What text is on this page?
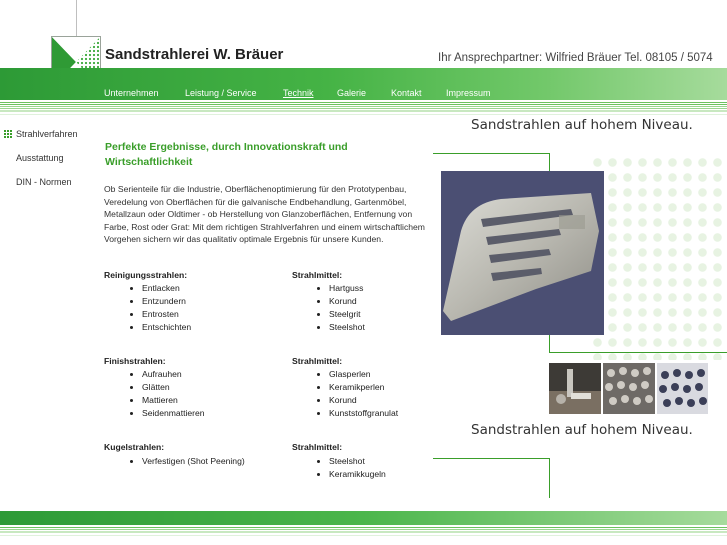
Sandstrahlerei W. Bräuer	Ihr Ansprechpartner: Wilfried Bräuer Tel. 08105 / 5074
Unternehmen	Leistung / Service	Technik	Galerie	Kontakt	Impressum
Strahlverfahren
Ausstattung
DIN - Normen
Perfekte Ergebnisse, durch Innovationskraft und Wirtschaftlichkeit
Ob Serienteile für die Industrie, Oberflächenoptimierung für den Prototypenbau, Veredelung von Oberflächen für die galvanische Endbehandlung, Gartenmöbel, Metallzaun oder Oldtimer - ob Herstellung von Glanzoberflächen, Entfernung von Farbe, Rost oder Grat: Mit dem richtigen Strahlverfahren und einem wirtschaftlichem Vorgehen sichern wir das qualitativ optimale Ergebnis für unsere Kunden.
Reinigungsstrahlen:
Entlacken
Entzundern
Entrosten
Entschichten
Strahlmittel:
Hartguss
Korund
Steelgrit
Steelshot
Finishstrahlen:
Aufrauhen
Glätten
Mattieren
Seidenmattieren
Strahlmittel:
Glasperlen
Keramikperlen
Korund
Kunststoffgranulat
Kugelstrahlen:
Verfestigen (Shot Peening)
Strahlmittel:
Steelshot
Keramikkugeln
Sandstrahlen auf hohem Niveau.
Sandstrahlen auf hohem Niveau.
